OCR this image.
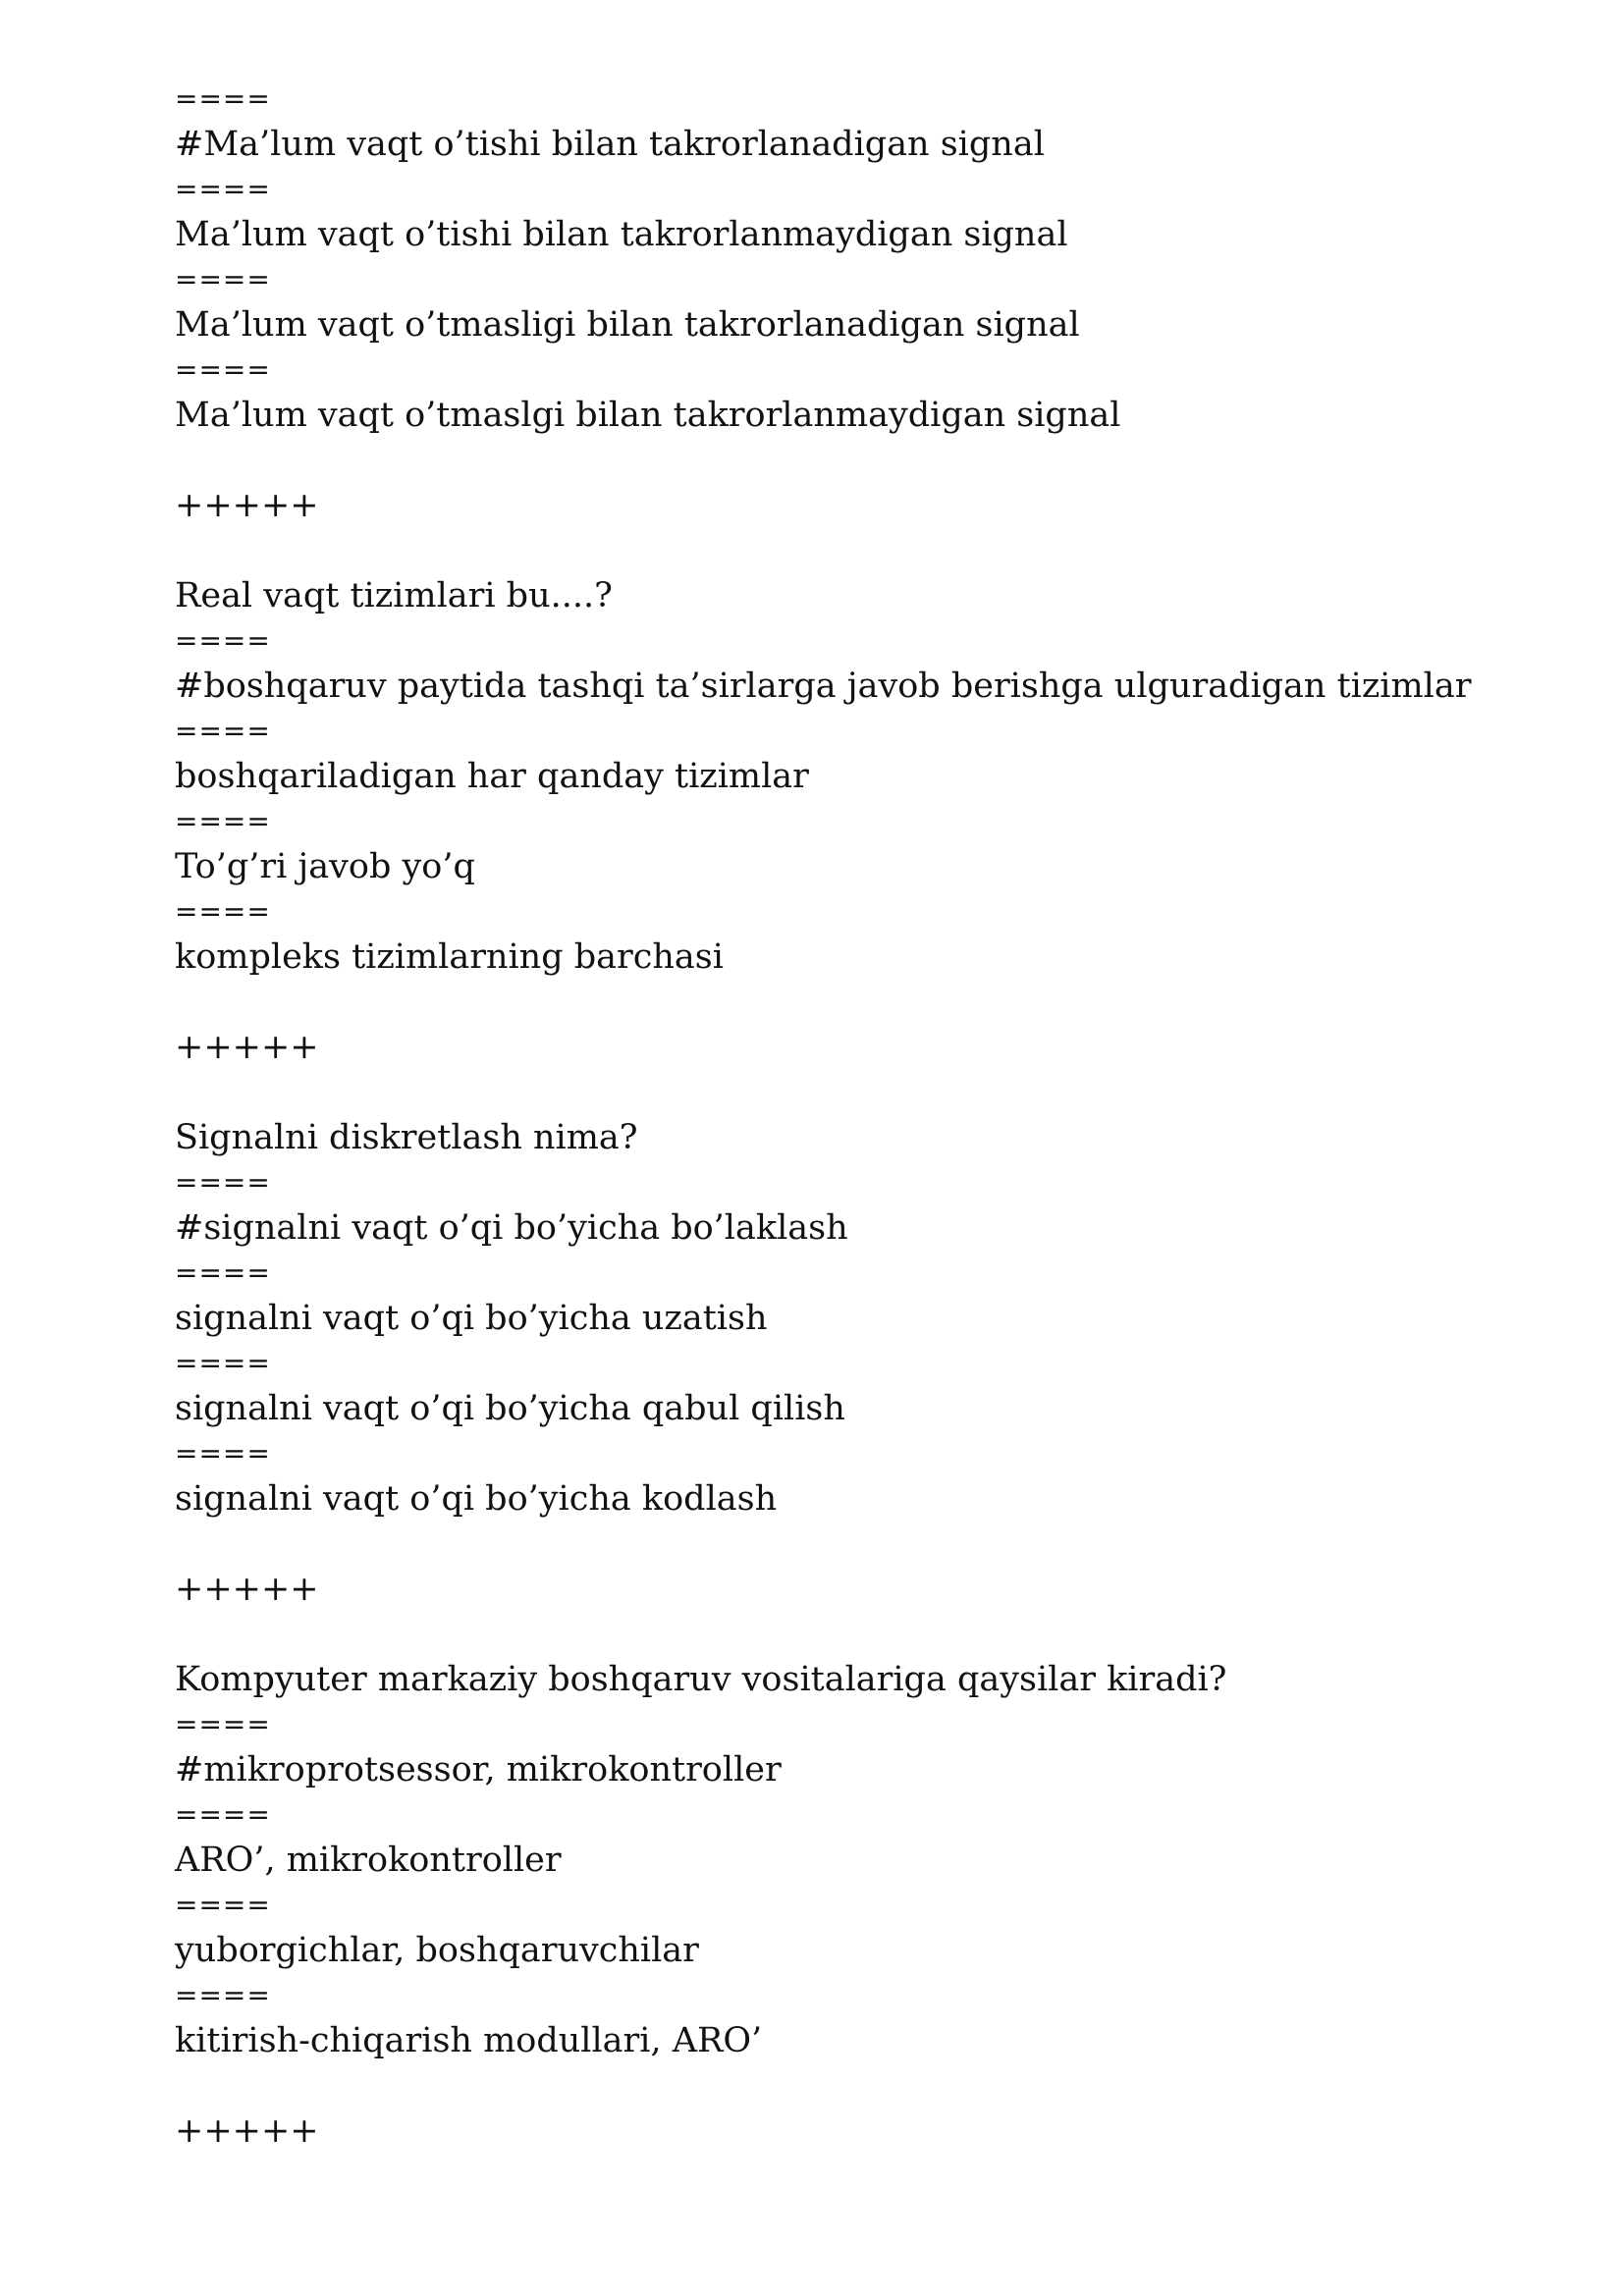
====
#Ma’lum vaqt o’tishi bilan takrorlanadigan signal
====
Ma’lum vaqt o’tishi bilan takrorlanmaydigan signal
====
Ma’lum vaqt o’tmasligi bilan takrorlanadigan signal
====
Ma’lum vaqt o’tmaslgi bilan takrorlanmaydigan signal
+++++
Real vaqt tizimlari bu....?
====
#boshqaruv paytida tashqi ta’sirlarga javob berishga ulguradigan tizimlar
====
boshqariladigan har qanday tizimlar
====
To’g’ri javob yo’q
====
kompleks tizimlarning barchasi
+++++
Signalni diskretlash nima?
====
#signalni vaqt o’qi bo’yicha bo’laklash
====
signalni vaqt o’qi bo’yicha uzatish
====
signalni vaqt o’qi bo’yicha qabul qilish
====
signalni vaqt o’qi bo’yicha kodlash
+++++
Kompyuter markaziy boshqaruv vositalariga qaysilar kiradi?
====
#mikroprotsessor, mikrokontroller
====
ARO’, mikrokontroller
====
yuborgichlar, boshqaruvchilar
====
kitirish-chiqarish modullari, ARO’
+++++
